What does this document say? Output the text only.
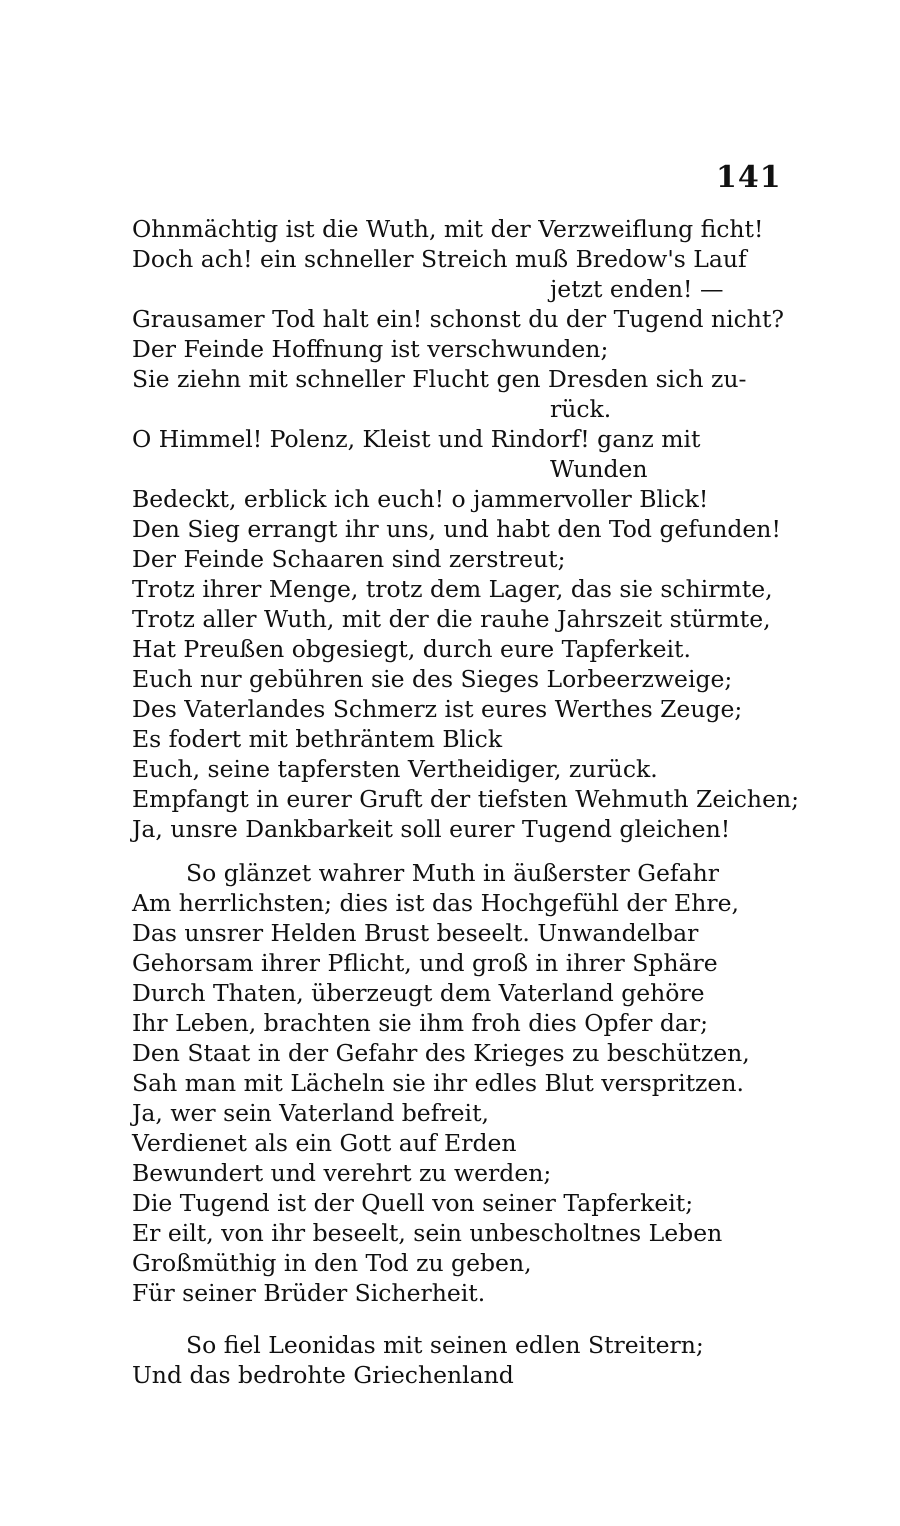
141
Ohnmächtig ist die Wuth, mit der Verzweiflung ficht!
Doch ach! ein schneller Streich muß Bredow's Lauf
jetzt enden! —
Grausamer Tod halt ein! schonst du der Tugend nicht?
Der Feinde Hoffnung ist verschwunden;
Sie ziehn mit schneller Flucht gen Dresden sich zu-
rück.
O Himmel! Polenz, Kleist und Rindorf! ganz mit
Wunden
Bedeckt, erblick ich euch! o jammervoller Blick!
Den Sieg errangt ihr uns, und habt den Tod gefunden!
Der Feinde Schaaren sind zerstreut;
Trotz ihrer Menge, trotz dem Lager, das sie schirmte,
Trotz aller Wuth, mit der die rauhe Jahrszeit stürmte,
Hat Preußen obgesiegt, durch eure Tapferkeit.
Euch nur gebühren sie des Sieges Lorbeerzweige;
Des Vaterlandes Schmerz ist eures Werthes Zeuge;
Es fodert mit bethräntem Blick
Euch, seine tapfersten Vertheidiger, zurück.
Empfangt in eurer Gruft der tiefsten Wehmuth Zeichen;
Ja, unsre Dankbarkeit soll eurer Tugend gleichen!
So glänzet wahrer Muth in äußerster Gefahr
Am herrlichsten; dies ist das Hochgefühl der Ehre,
Das unsrer Helden Brust beseelt. Unwandelbar
Gehorsam ihrer Pflicht, und groß in ihrer Sphäre
Durch Thaten, überzeugt dem Vaterland gehöre
Ihr Leben, brachten sie ihm froh dies Opfer dar;
Den Staat in der Gefahr des Krieges zu beschützen,
Sah man mit Lächeln sie ihr edles Blut verspritzen.
Ja, wer sein Vaterland befreit,
Verdienet als ein Gott auf Erden
Bewundert und verehrt zu werden;
Die Tugend ist der Quell von seiner Tapferkeit;
Er eilt, von ihr beseelt, sein unbescholtnes Leben
Großmüthig in den Tod zu geben,
Für seiner Brüder Sicherheit.
So fiel Leonidas mit seinen edlen Streitern;
Und das bedrohte Griechenland
